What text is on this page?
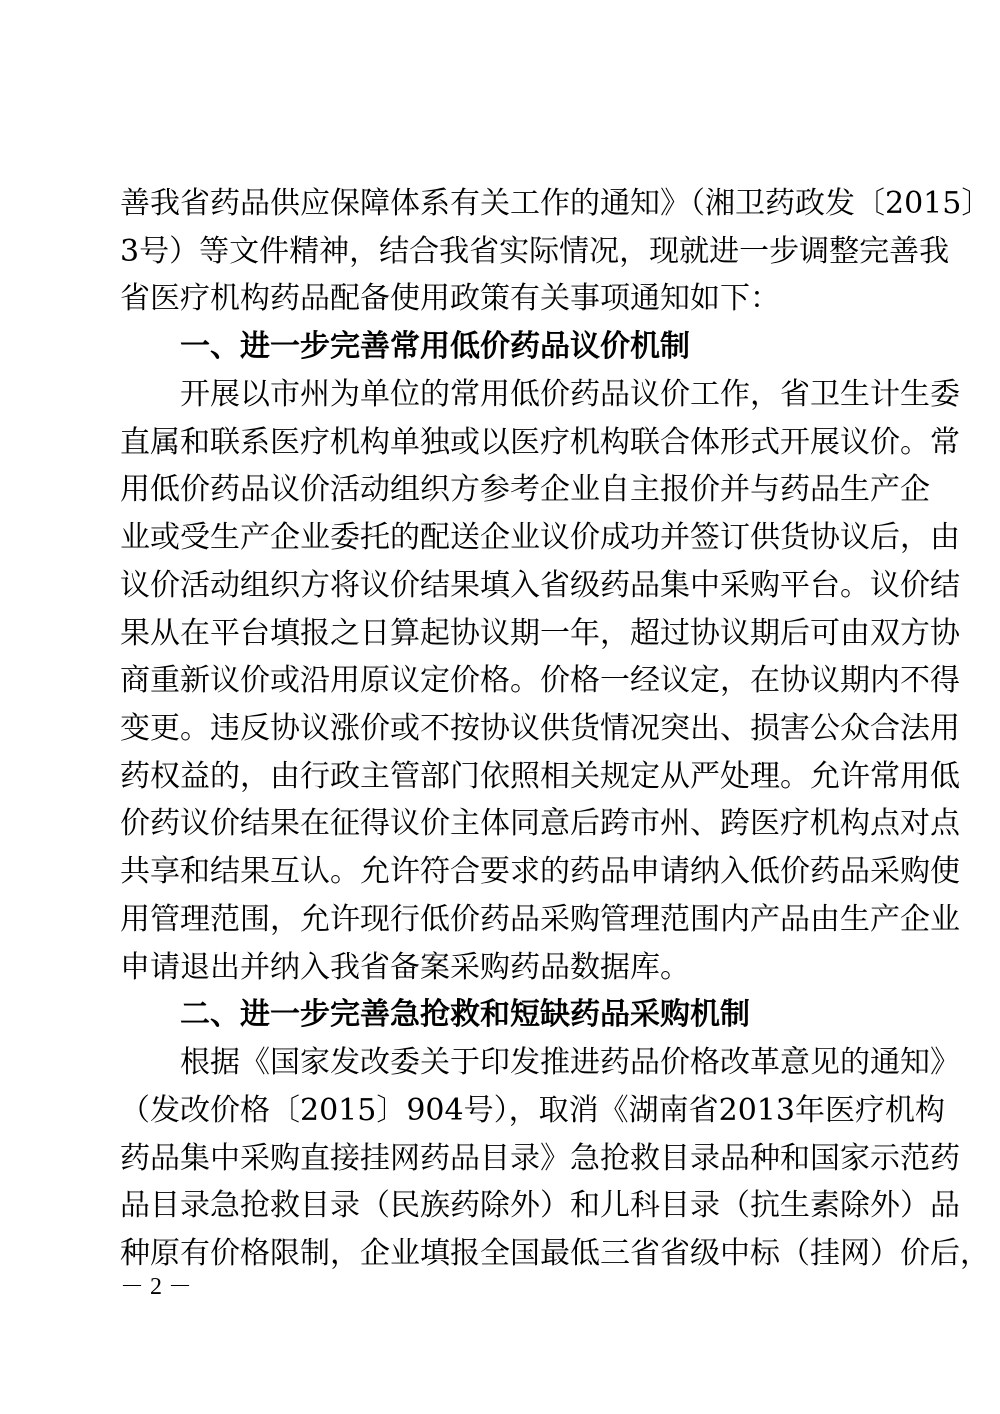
善我省药品供应保障体系有关工作的通知》（湘卫药政发〔2015〕
3号）等文件精神，结合我省实际情况，现就进一步调整完善我
省医疗机构药品配备使用政策有关事项通知如下：
一、进一步完善常用低价药品议价机制
开展以市州为单位的常用低价药品议价工作，省卫生计生委
直属和联系医疗机构单独或以医疗机构联合体形式开展议价。常
用低价药品议价活动组织方参考企业自主报价并与药品生产企
业或受生产企业委托的配送企业议价成功并签订供货协议后，由
议价活动组织方将议价结果填入省级药品集中采购平台。议价结
果从在平台填报之日算起协议期一年，超过协议期后可由双方协
商重新议价或沿用原议定价格。价格一经议定，在协议期内不得
变更。违反协议涨价或不按协议供货情况突出、损害公众合法用
药权益的，由行政主管部门依照相关规定从严处理。允许常用低
价药议价结果在征得议价主体同意后跨市州、跨医疗机构点对点
共享和结果互认。允许符合要求的药品申请纳入低价药品采购使
用管理范围，允许现行低价药品采购管理范围内产品由生产企业
申请退出并纳入我省备案采购药品数据库。
二、进一步完善急抢救和短缺药品采购机制
根据《国家发改委关于印发推进药品价格改革意见的通知》
（发改价格〔2015〕904号），取消《湖南省2013年医疗机构
药品集中采购直接挂网药品目录》急抢救目录品种和国家示范药
品目录急抢救目录（民族药除外）和儿科目录（抗生素除外）品
种原有价格限制，企业填报全国最低三省省级中标（挂网）价后，
－ 2 －
